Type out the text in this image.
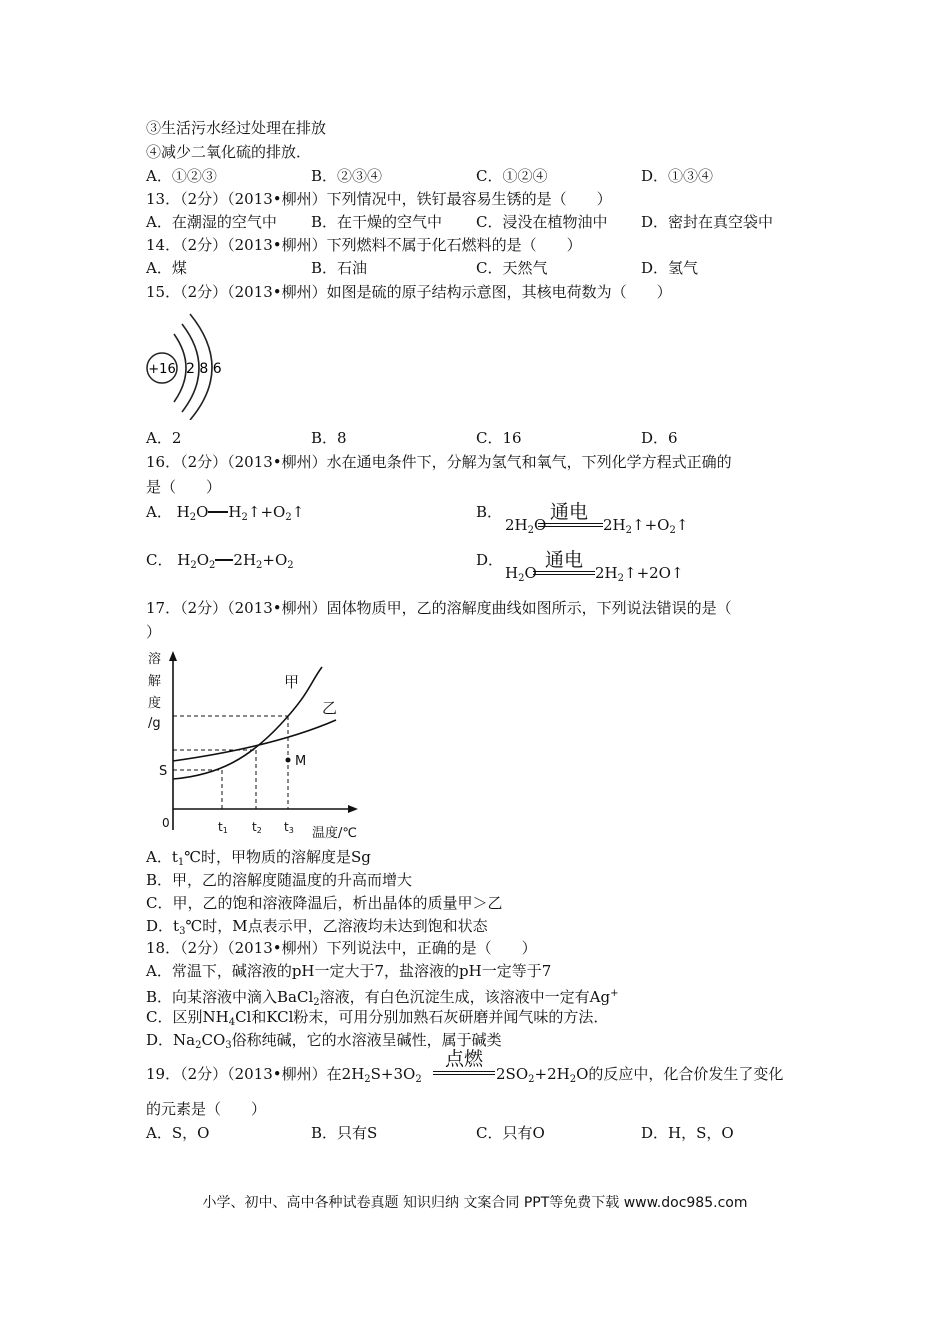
③生活污水经过处理在排放
④减少二氧化硫的排放．
A．①②③	B．②③④	C．①②④	D．①③④
13．（2分）（2013•柳州）下列情况中，铁钉最容易生锈的是（　　）
A．在潮湿的空气中 B．在干燥的空气中 C．浸没在植物油中 D．密封在真空袋中
14．（2分）（2013•柳州）下列燃料不属于化石燃料的是（　　）
A．煤	B．石油	C．天然气	D．氢气
15．（2分）（2013•柳州）如图是硫的原子结构示意图，其核电荷数为（　　）
+16 2 8 6
A．2	B．8	C．16	D．6
16．（2分）（2013•柳州）水在通电条件下，分解为氢气和氧气，下列化学方程式正确的
是（　　）
A． $H_2O$ $H_2↑+O_2↑$	B．
$2H_2O$
通电
$2H_2↑+O_2↑$
C． $H_2O_2$ $2H_2+O_2$	D．
$H_2O$
通电
$2H_2↑+2O↑$
17．（2分）（2013•柳州）固体物质甲，乙的溶解度曲线如图所示，下列说法错误的是（
）
溶
解
度
/g
甲
乙
M
S
0	t1 t2 t3 温度/℃
A．$t_1℃$时，甲物质的溶解度是Sg
B．甲，乙的溶解度随温度的升高而增大
C．甲，乙的饱和溶液降温后，析出晶体的质量甲＞乙
D．$t_3℃$时，M点表示甲，乙溶液均未达到饱和状态
18．（2分）（2013•柳州）下列说法中，正确的是（　　）
A．常温下，碱溶液的pH一定大于7，盐溶液的pH一定等于7
B．向某溶液中滴入BaCl$_2$溶液，有白色沉淀生成，该溶液中一定有Ag+
C．区别$NH_4Cl$和KCl粉末，可用分别加熟石灰研磨并闻气味的方法．
D．$Na_2CO_3$俗称纯碱，它的水溶液呈碱性，属于碱类
19．（2分）（2013•柳州）在$2H_2S+3O_2$
点燃
$2SO_2+2H_2O$的反应中，化合价发生了变化
的元素是（　　）
A．S，O	B．只有S	C．只有O	D．H，S，O
小学、初中、高中各种试卷真题 知识归纳 文案合同 PPT等免费下载 www.doc985.com
